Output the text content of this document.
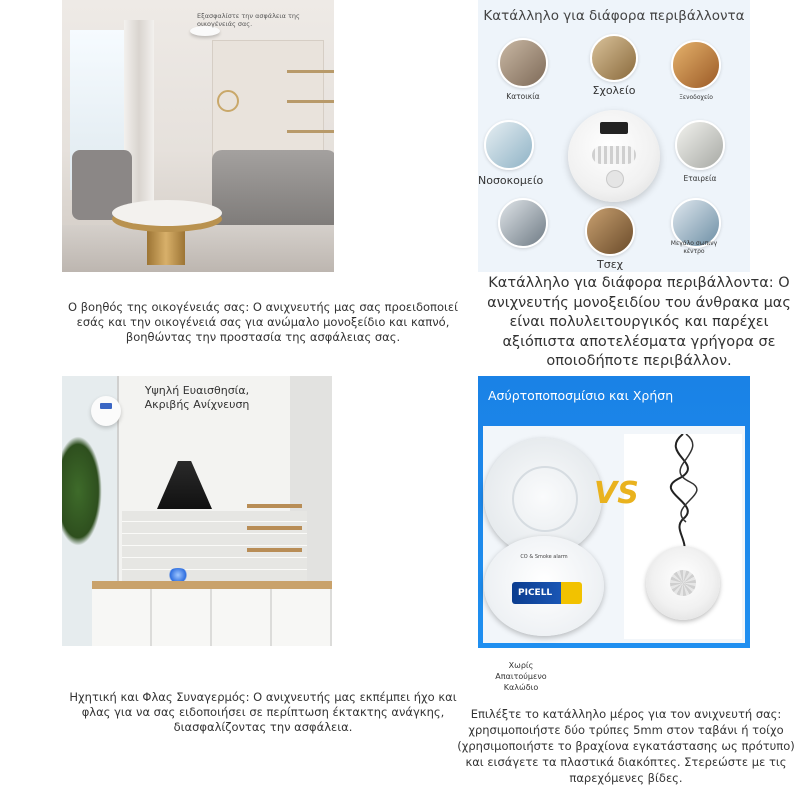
Εξασφαλίστε την ασφάλεια της οικογένειάς σας.
Ο βοηθός της οικογένειάς σας: Ο ανιχνευτής μας σας προειδοποιεί εσάς και την οικογένειά σας για ανώμαλο μονοξείδιο και καπνό, βοηθώντας την προστασία της ασφάλειας σας.
Κατάλληλο για διάφορα περιβάλλοντα
Κατοικία	Σχολείο
Ξενοδοχείο
Νοσοκομείο	Εταιρεία
Τσεχ
Μεγάλο σωπινγ κέντρο
Κατάλληλο για διάφορα περιβάλλοντα: Ο ανιχνευτής μονοξειδίου του άνθρακα μας είναι πολυλειτουργικός και παρέχει αξιόπιστα αποτελέσματα γρήγορα σε οποιοδήποτε περιβάλλον.
Υψηλή Ευαισθησία, Ακριβής Ανίχνευση
Ηχητική και Φλας Συναγερμός: Ο ανιχνευτής μας εκπέμπει ήχο και φλας για να σας ειδοποιήσει σε περίπτωση έκτακτης ανάγκης, διασφαλίζοντας την ασφάλεια.
Ασύρτοποποσμίσιο και Χρήση
CO & Smoke alarm
PICELL
VS
Χωρίς Απαιτούμενο Καλώδιο
Επιλέξτε το κατάλληλο μέρος για τον ανιχνευτή σας: χρησιμοποιήστε δύο τρύπες 5mm στον ταβάνι ή τοίχο (χρησιμοποιήστε το βραχίονα εγκατάστασης ως πρότυπο) και εισάγετε τα πλαστικά διακόπτες. Στερεώστε με τις παρεχόμενες βίδες.
